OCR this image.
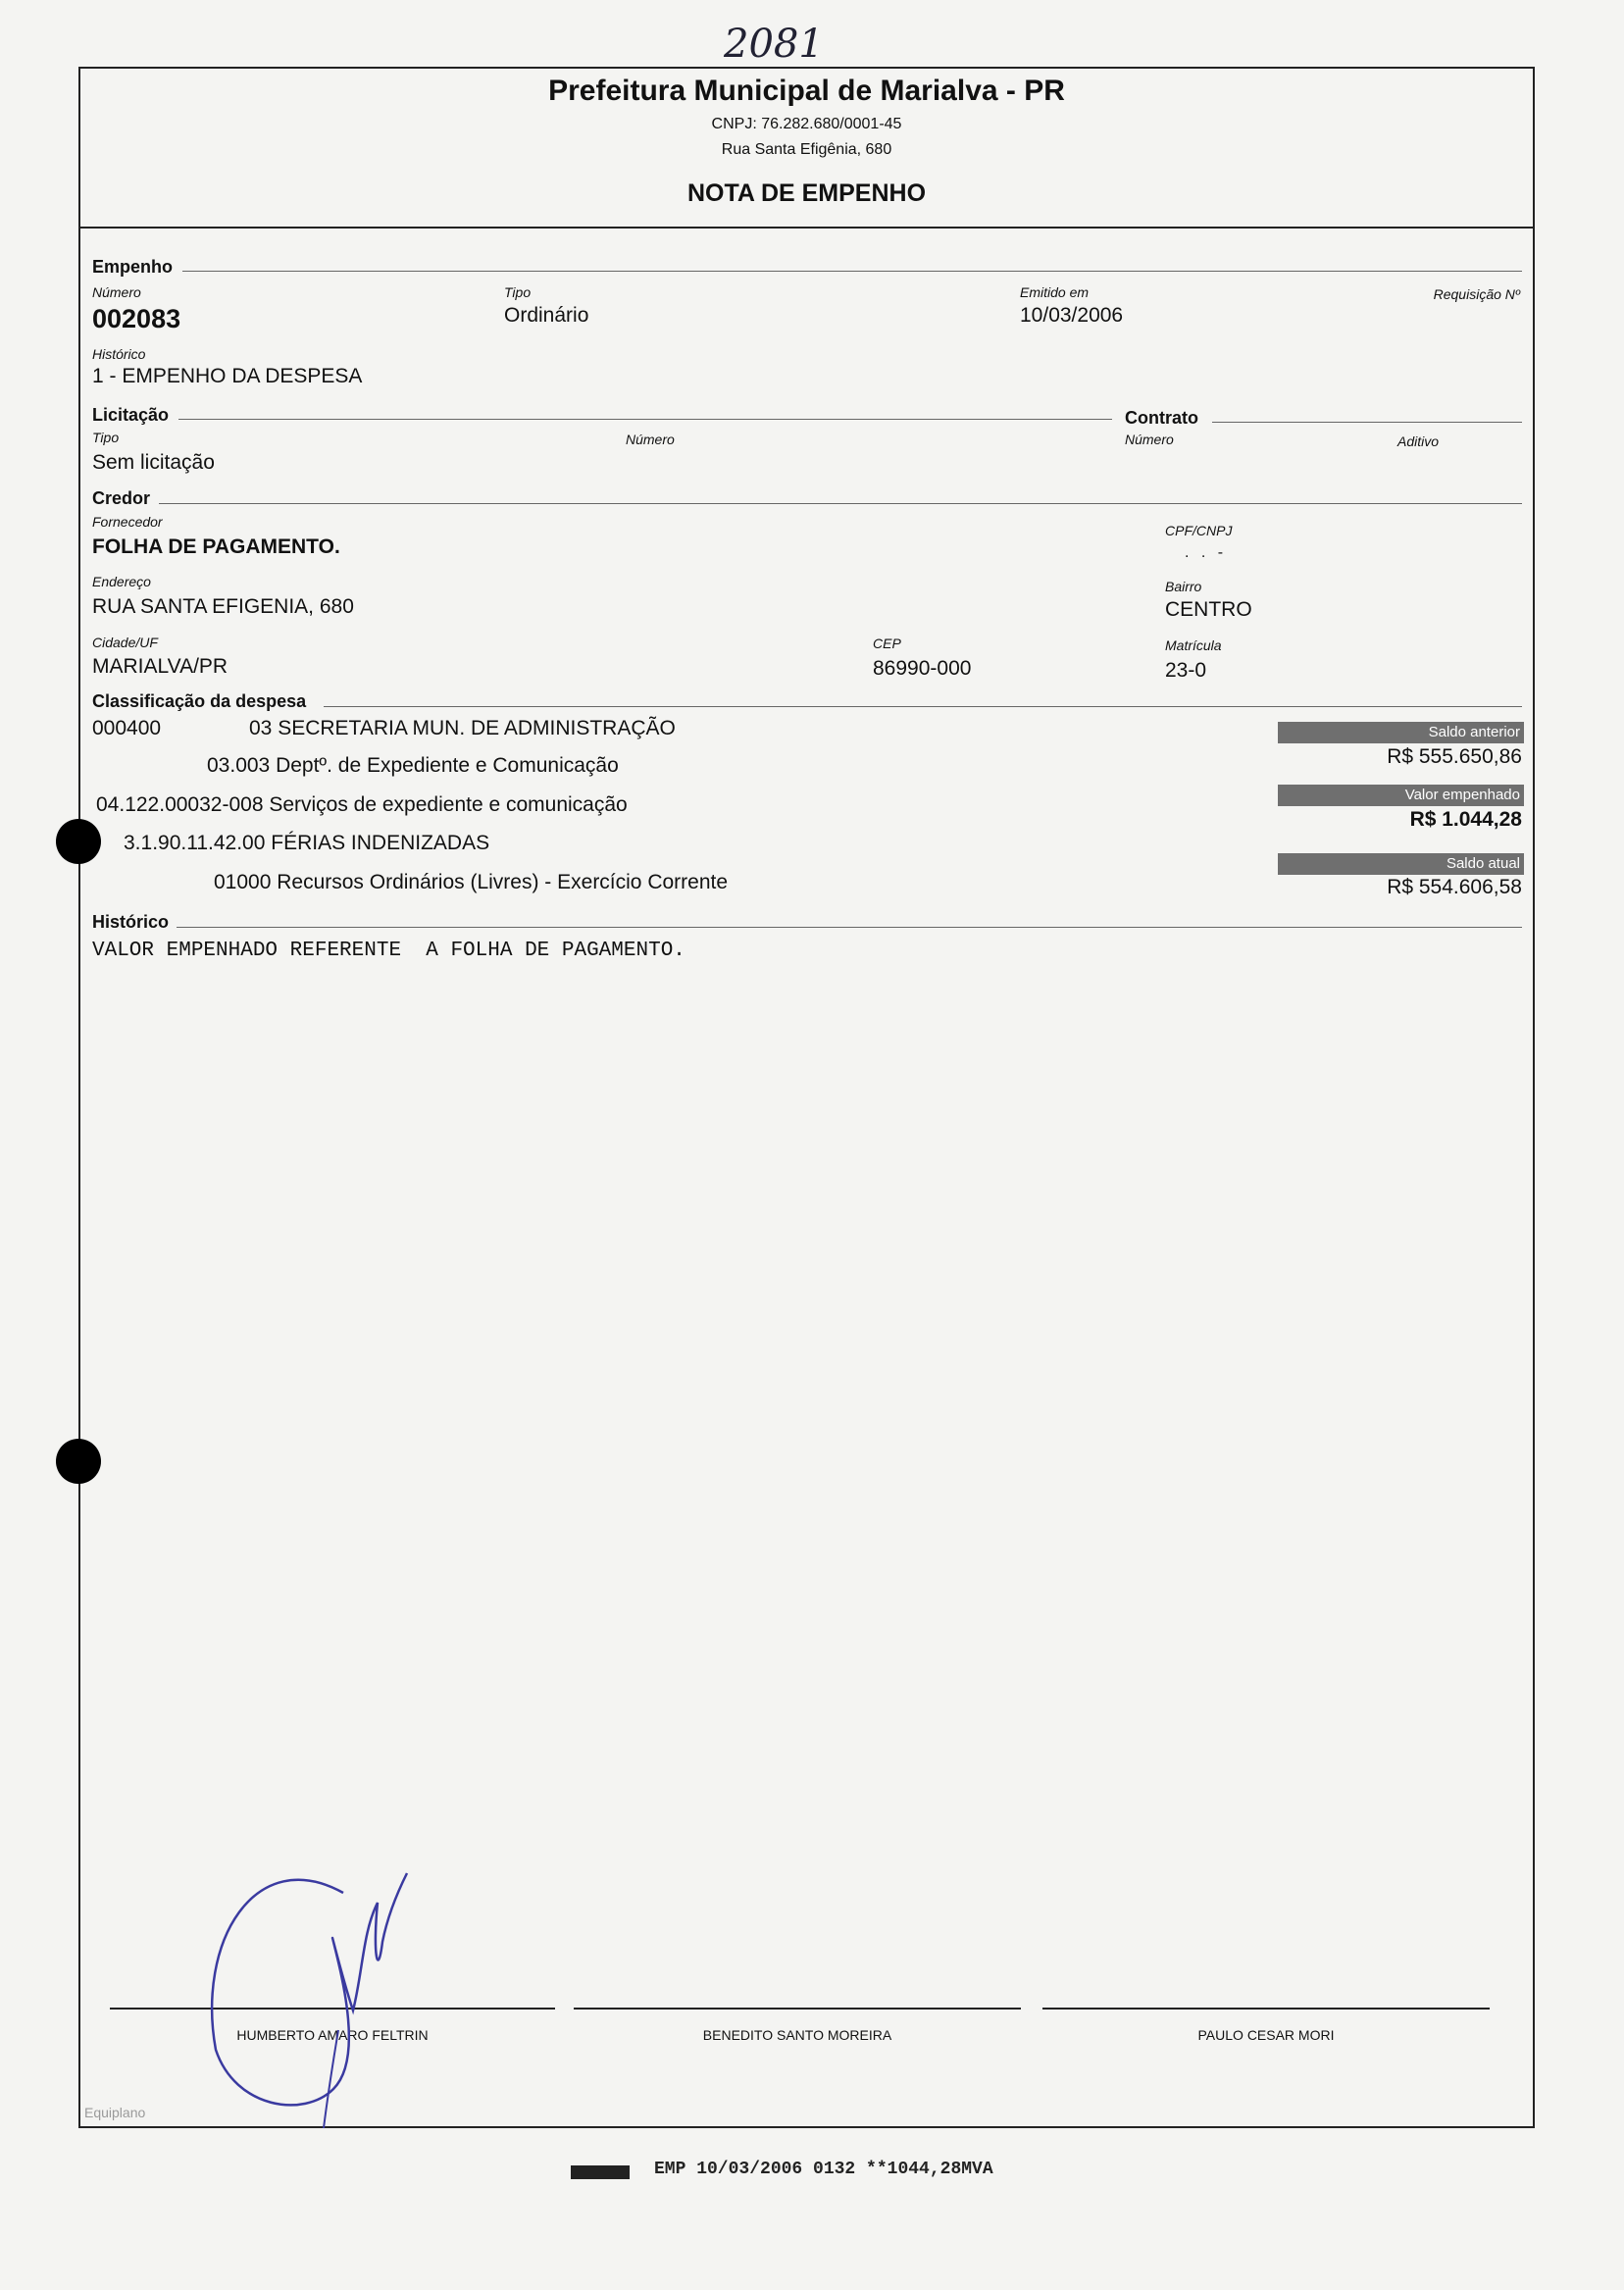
2081
Prefeitura Municipal de Marialva - PR
CNPJ: 76.282.680/0001-45
Rua Santa Efigênia, 680
NOTA DE EMPENHO
Empenho
Número
002083
Tipo
Ordinário
Emitido em
10/03/2006
Requisição Nº
Histórico
1 - EMPENHO DA DESPESA
Licitação
Tipo
Sem licitação
Número
Contrato
Número	Aditivo
Credor
Fornecedor
FOLHA DE PAGAMENTO.
CPF/CNPJ
. . -
Endereço
RUA SANTA EFIGENIA, 680
Bairro
CENTRO
Cidade/UF
MARIALVA/PR
CEP
86990-000
Matrícula
23-0
Classificação da despesa
000400	03 SECRETARIA MUN. DE ADMINISTRAÇÃO
03.003 Deptº. de Expediente e Comunicação
04.122.00032-008 Serviços de expediente e comunicação
3.1.90.11.42.00 FÉRIAS INDENIZADAS
01000 Recursos Ordinários (Livres) - Exercício Corrente
Saldo anterior
R$ 555.650,86
Valor empenhado
R$ 1.044,28
Saldo atual
R$ 554.606,58
Histórico
VALOR EMPENHADO REFERENTE  A FOLHA DE PAGAMENTO.
HUMBERTO AMARO FELTRIN	BENEDITO SANTO MOREIRA	PAULO CESAR MORI
Equiplano
EMP 10/03/2006 0132 **1044,28MVA
